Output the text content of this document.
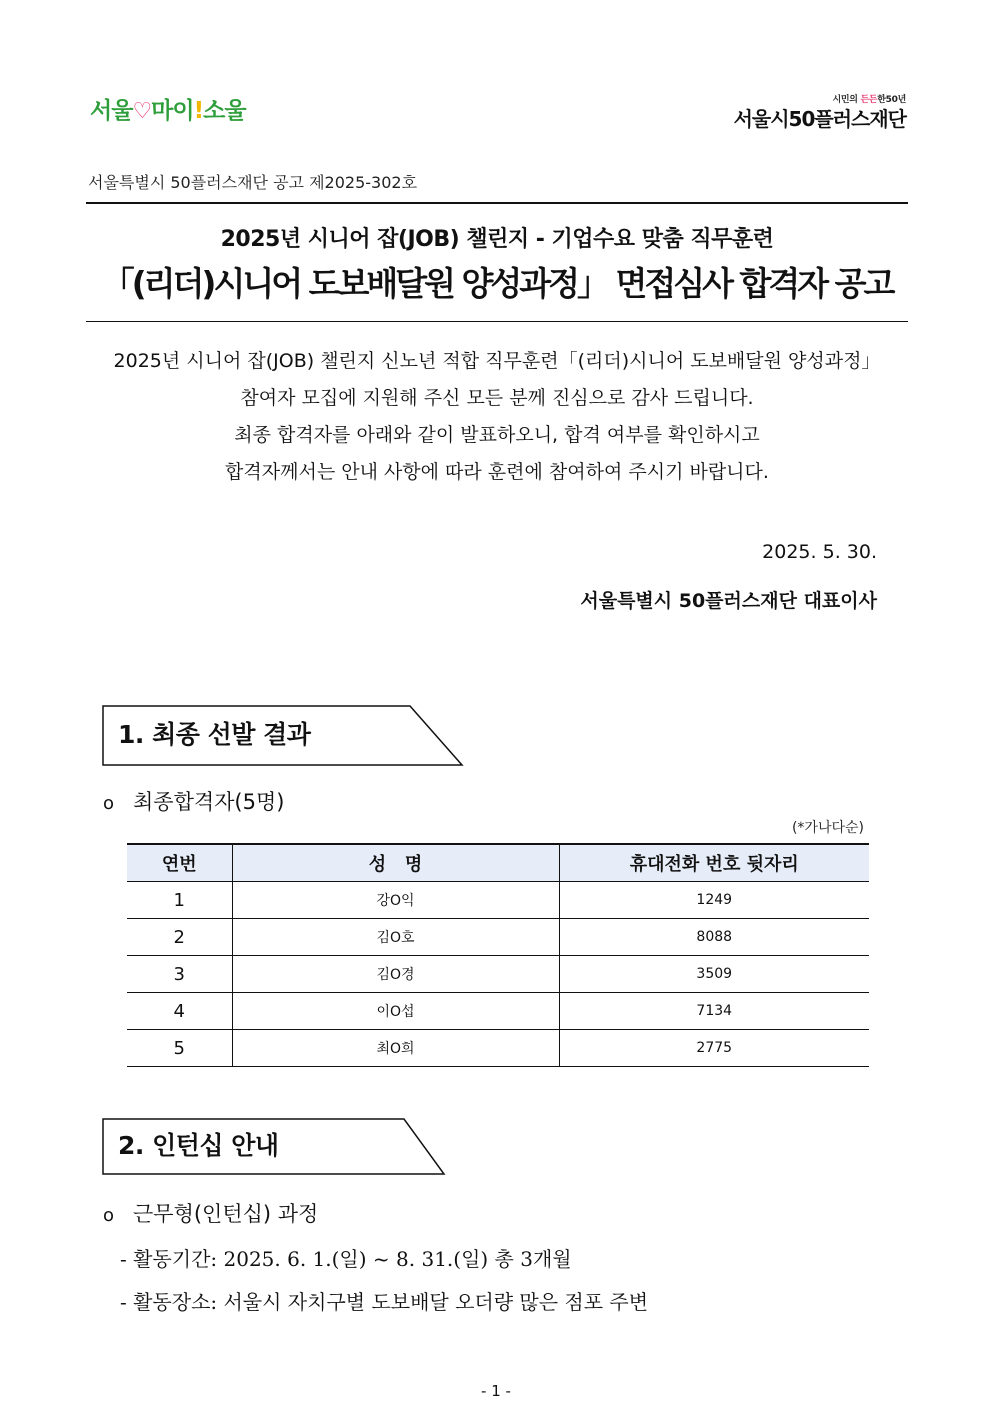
서울♡마이!소울	시민의 든든한50년
서울시50플러스재단
서울특별시 50플러스재단 공고 제2025-302호
2025년 시니어 잡(JOB) 챌린지 - 기업수요 맞춤 직무훈련
「(리더)시니어 도보배달원 양성과정」 면접심사 합격자 공고
2025년 시니어 잡(JOB) 챌린지 신노년 적합 직무훈련「(리더)시니어 도보배달원 양성과정」
참여자 모집에 지원해 주신 모든 분께 진심으로 감사 드립니다.
최종 합격자를 아래와 같이 발표하오니, 합격 여부를 확인하시고
합격자께서는 안내 사항에 따라 훈련에 참여하여 주시기 바랍니다.
2025. 5. 30.
서울특별시 50플러스재단 대표이사
1. 최종 선발 결과
o 최종합격자(5명)
(*가나다순)
연번	성   명	휴대전화 번호 뒷자리
1	강O익	1249
2	김O호	8088
3	김O경	3509
4	이O섭	7134
5	최O희	2775
2. 인턴십 안내
o 근무형(인턴십) 과정
- 활동기간: 2025. 6. 1.(일) ~ 8. 31.(일) 총 3개월
- 활동장소: 서울시 자치구별 도보배달 오더량 많은 점포 주변
- 1 -
